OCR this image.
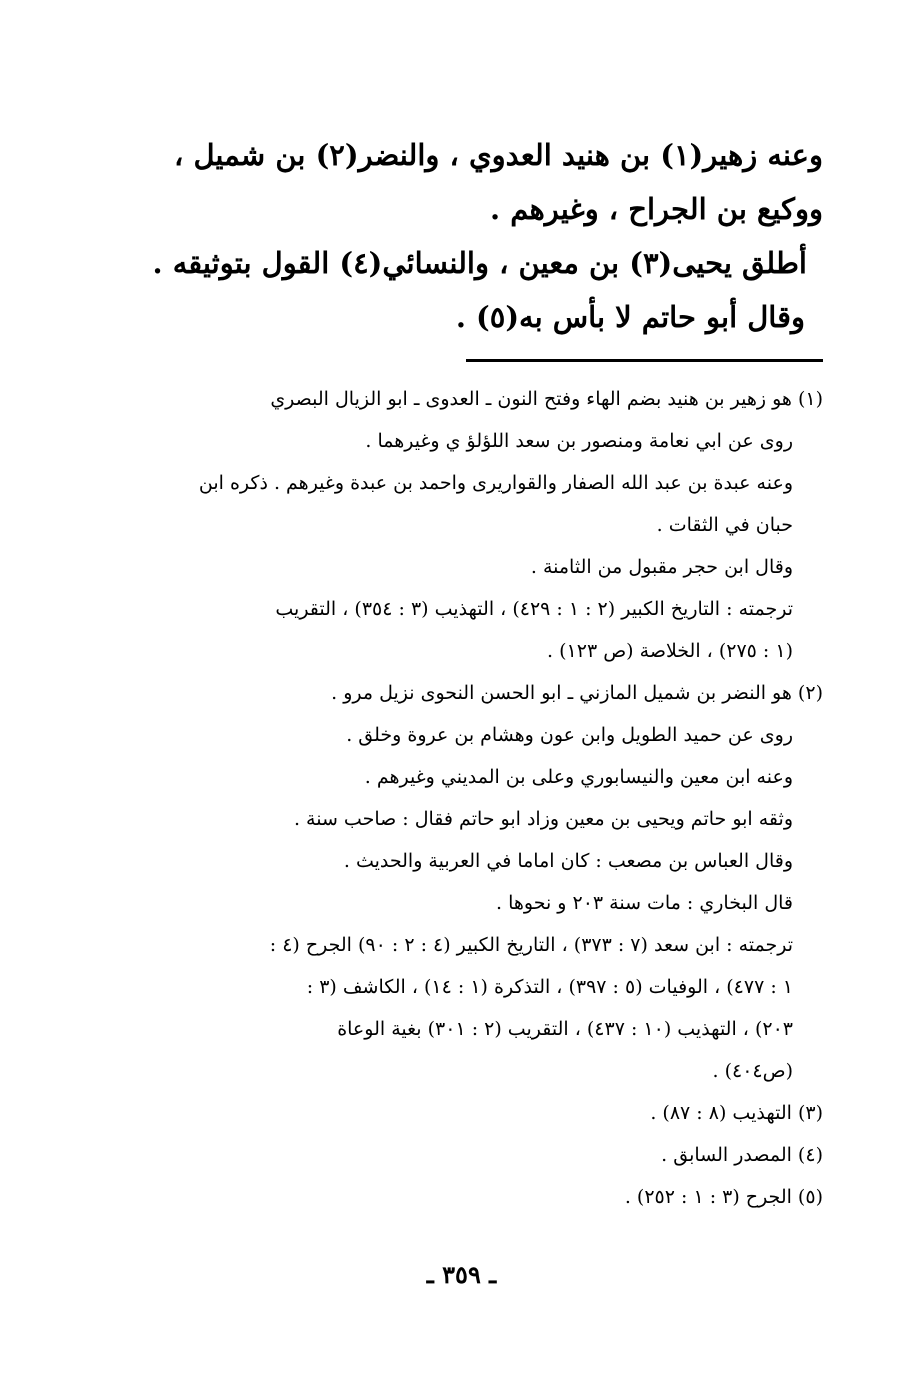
وعنه زهير(١) بن هنيد العدوي ، والنضر(٢) بن شميل ،
ووكيع بن الجراح ، وغيرهم .
أطلق يحيى(٣) بن معين ، والنسائي(٤) القول بتوثيقه .
وقال أبو حاتم لا بأس به(٥) .
(١) هو زهير بن هنيد بضم الهاء وفتح النون ـ العدوى ـ ابو الزيال البصري
روى عن ابي نعامة ومنصور بن سعد اللؤلؤ ي وغيرهما .
وعنه عبدة بن عبد الله الصفار والقواريرى واحمد بن عبدة وغيرهم . ذكره ابن
حبان في الثقات .
وقال ابن حجر مقبول من الثامنة .
ترجمته : التاريخ الكبير (٢ : ١ : ٤٢٩) ، التهذيب (٣ : ٣٥٤) ، التقريب
(١ : ٢٧٥) ، الخلاصة (ص ١٢٣) .
(٢) هو النضر بن شميل المازني ـ ابو الحسن النحوى نزيل مرو .
روى عن حميد الطويل وابن عون وهشام بن عروة وخلق .
وعنه ابن معين والنيسابوري وعلى بن المديني وغيرهم .
وثقه ابو حاتم ويحيى بن معين وزاد ابو حاتم فقال : صاحب سنة .
وقال العباس بن مصعب : كان اماما في العربية والحديث .
قال البخاري : مات سنة ٢٠٣ و نحوها .
ترجمته : ابن سعد (٧ : ٣٧٣) ، التاريخ الكبير (٤ : ٢ : ٩٠) الجرح (٤ :
١ : ٤٧٧) ، الوفيات (٥ : ٣٩٧) ، التذكرة (١ : ١٤) ، الكاشف (٣ :
٢٠٣) ، التهذيب (١٠ : ٤٣٧) ، التقريب (٢ : ٣٠١) بغية الوعاة
(ص٤٠٤) .
(٣) التهذيب (٨ : ٨٧) .
(٤) المصدر السابق .
(٥) الجرح (٣ : ١ : ٢٥٢) .
ـ ٣٥٩ ـ
